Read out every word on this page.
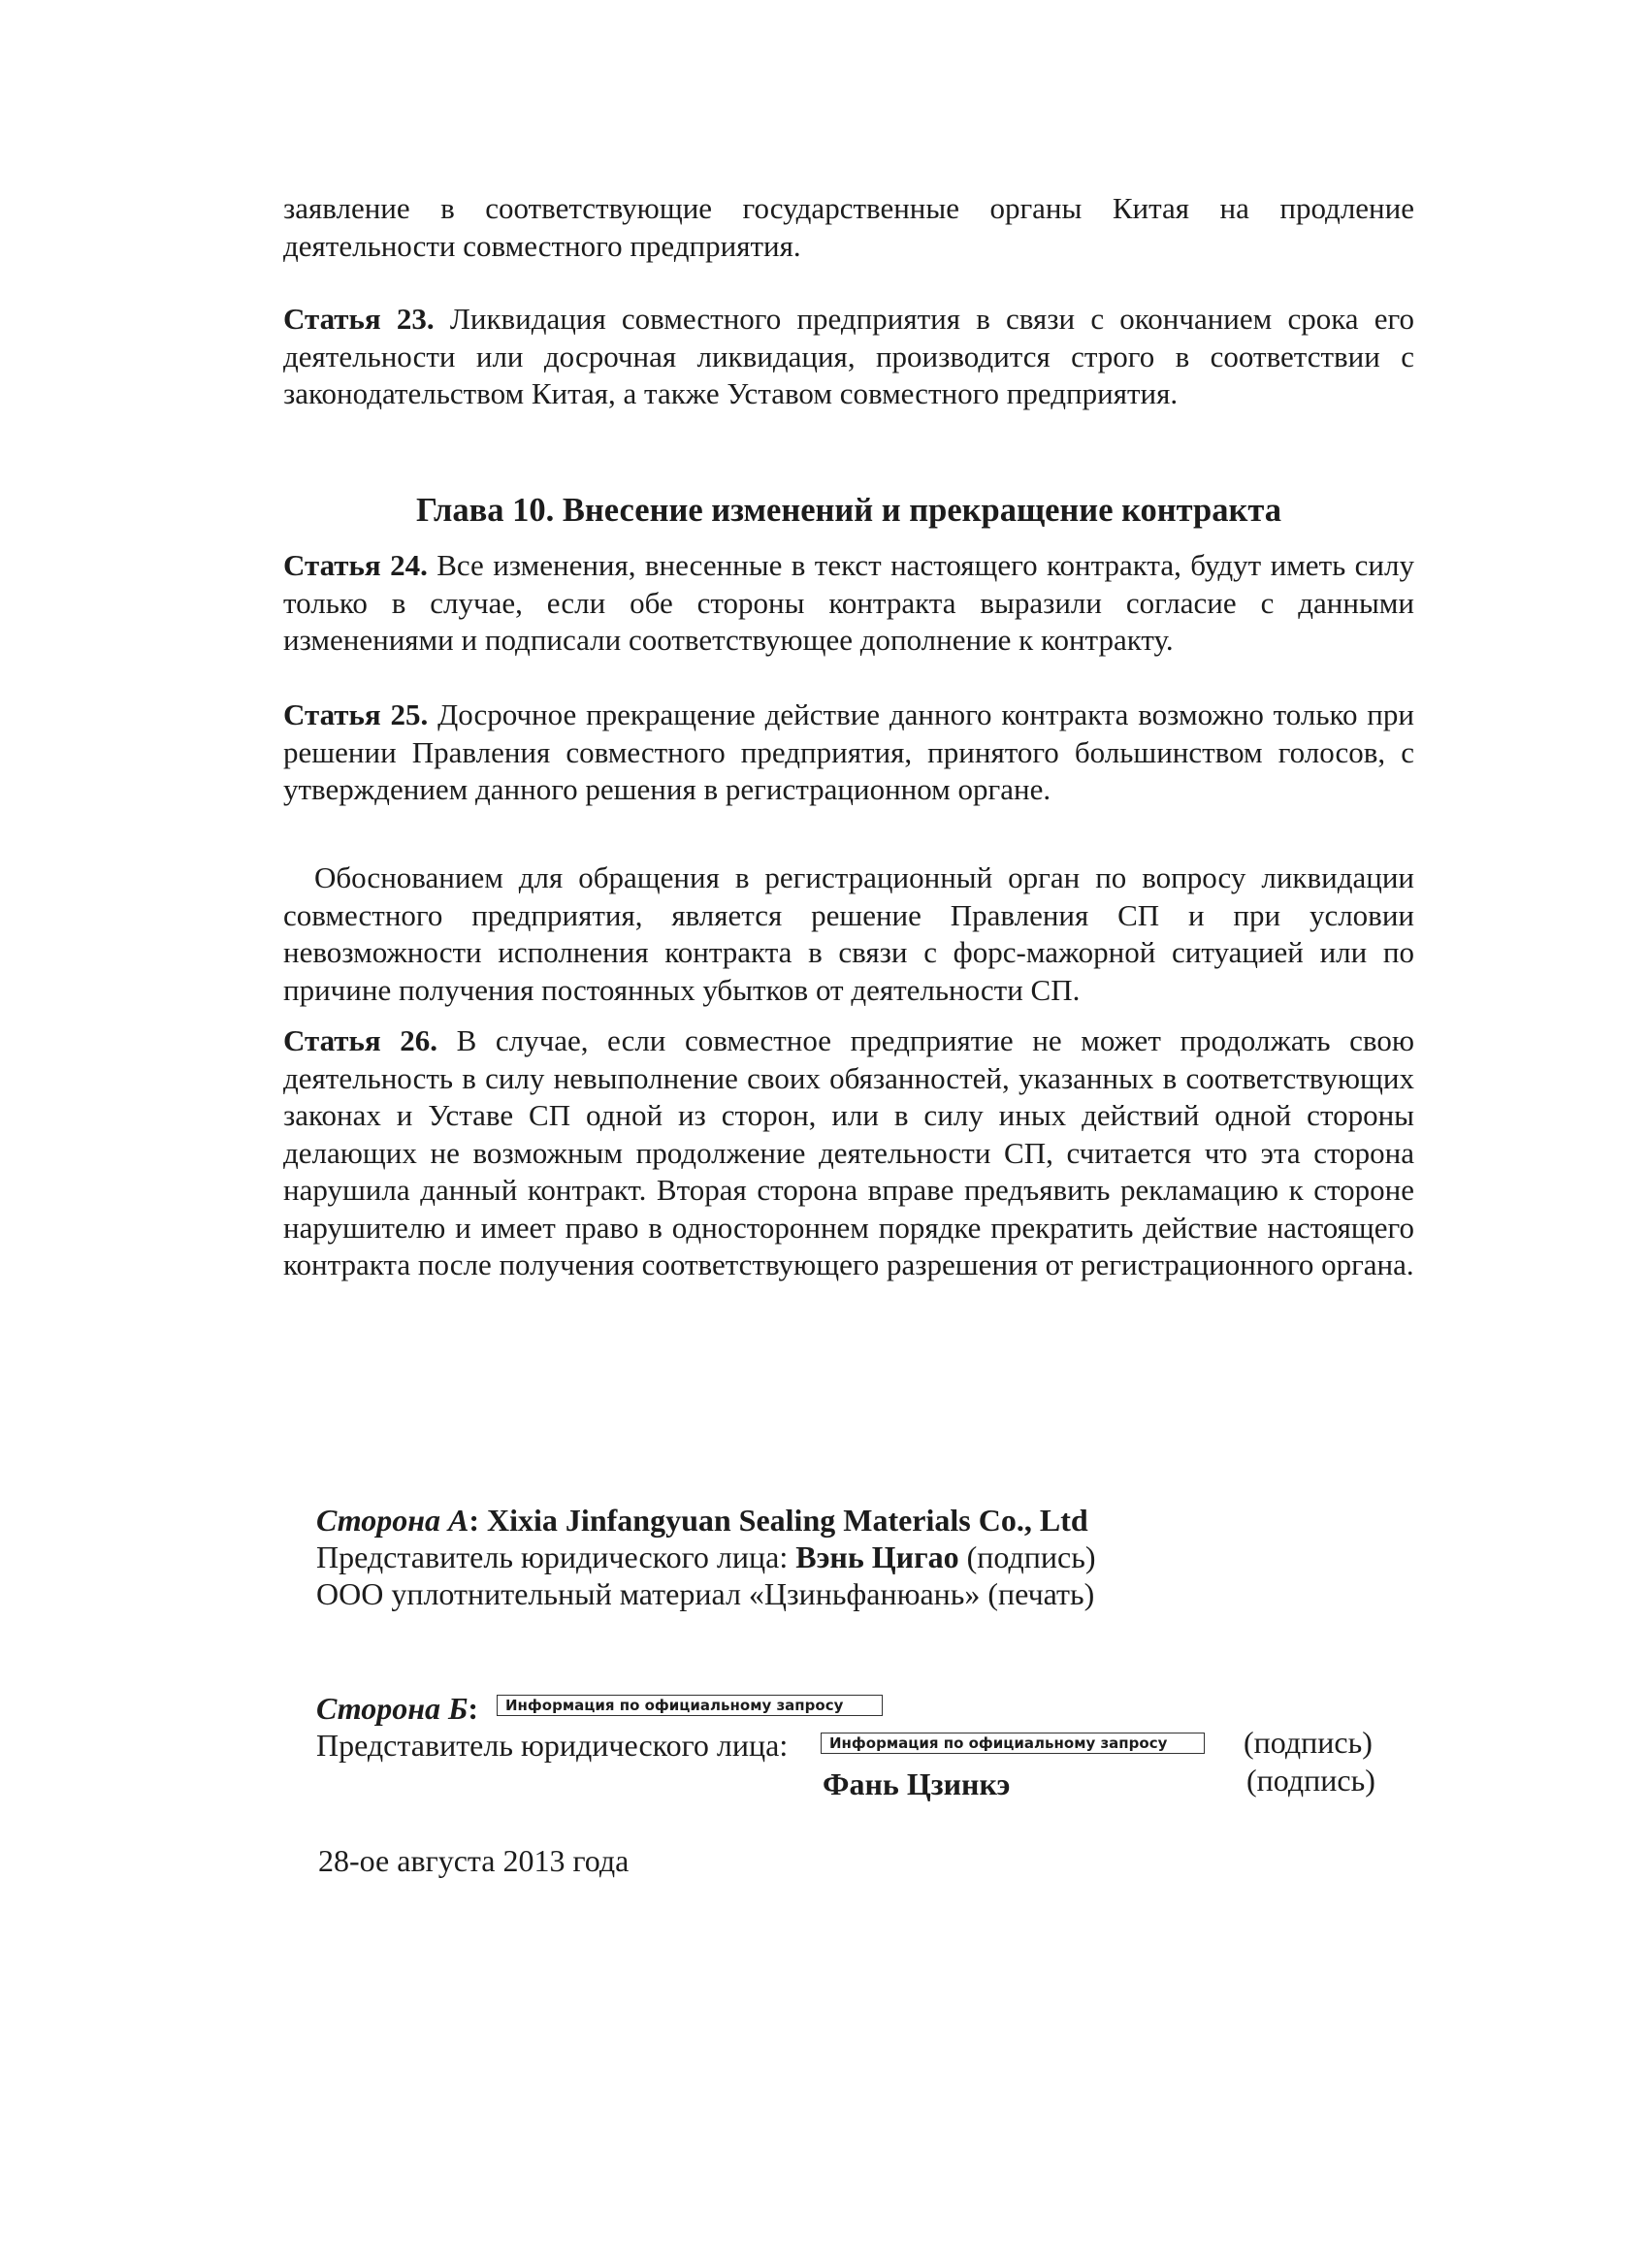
заявление в соответствующие государственные органы Китая на продление деятельности совместного предприятия.
Статья 23. Ликвидация совместного предприятия в связи с окончанием срока его деятельности или досрочная ликвидация, производится строго в соответствии с законодательством Китая, а также Уставом совместного предприятия.
Глава 10. Внесение изменений и прекращение контракта
Статья 24. Все изменения, внесенные в текст настоящего контракта, будут иметь силу только в случае, если обе стороны контракта выразили согласие с данными изменениями и подписали соответствующее дополнение к контракту.
Статья 25. Досрочное прекращение действие данного контракта возможно только при решении Правления совместного предприятия, принятого большинством голосов, с утверждением данного решения в регистрационном органе.
Обоснованием для обращения в регистрационный орган по вопросу ликвидации совместного предприятия, является решение Правления СП и при условии невозможности исполнения контракта в связи с форс-мажорной ситуацией или по причине получения постоянных убытков от деятельности СП.
Статья 26. В случае, если совместное предприятие не может продолжать свою деятельность в силу невыполнение своих обязанностей, указанных в соответствующих законах и Уставе СП одной из сторон, или в силу иных действий одной стороны делающих не возможным продолжение деятельности СП, считается что эта сторона нарушила данный контракт. Вторая сторона вправе предъявить рекламацию к стороне нарушителю и имеет право в одностороннем порядке прекратить действие настоящего контракта после получения соответствующего разрешения от регистрационного органа.
Сторона А: Xixia Jinfangyuan Sealing Materials Co., Ltd
Представитель юридического лица: Вэнь Цигао (подпись)
ООО уплотнительный материал «Цзиньфанюань» (печать)
Сторона Б:	Информация по официальному запросу
Представитель юридического лица:	Информация по официальному запросу	(подпись)
Фань Цзинкэ	(подпись)
28-ое августа 2013 года
